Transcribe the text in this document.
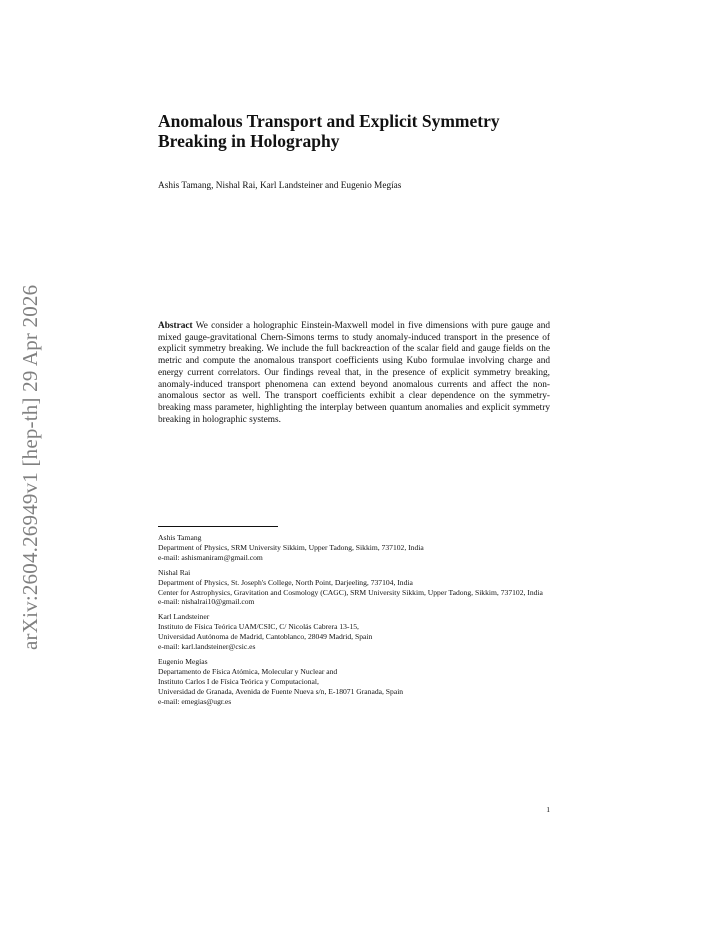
arXiv:2604.26949v1 [hep-th] 29 Apr 2026
Anomalous Transport and Explicit Symmetry Breaking in Holography

Ashis Tamang, Nishal Rai, Karl Landsteiner and Eugenio Megías

Abstract We consider a holographic Einstein-Maxwell model in five dimensions with pure gauge and mixed gauge-gravitational Chern-Simons terms to study anomaly-induced transport in the presence of explicit symmetry breaking. We include the full backreaction of the scalar field and gauge fields on the metric and compute the anomalous transport coefficients using Kubo formulae involving charge and energy current correlators. Our findings reveal that, in the presence of explicit symmetry breaking, anomaly-induced transport phenomena can extend beyond anomalous currents and affect the non-anomalous sector as well. The transport coefficients exhibit a clear dependence on the symmetry-breaking mass parameter, highlighting the interplay between quantum anomalies and explicit symmetry breaking in holographic systems.

Ashis Tamang
Department of Physics, SRM University Sikkim, Upper Tadong, Sikkim, 737102, India
e-mail: ashismaniram@gmail.com
Nishal Rai
Department of Physics, St. Joseph's College, North Point, Darjeeling, 737104, India
Center for Astrophysics, Gravitation and Cosmology (CAGC), SRM University Sikkim, Upper Tadong, Sikkim, 737102, India
e-mail: nishalrai10@gmail.com
Karl Landsteiner
Instituto de Física Teórica UAM/CSIC, C/ Nicolás Cabrera 13-15,
Universidad Autónoma de Madrid, Cantoblanco, 28049 Madrid, Spain
e-mail: karl.landsteiner@csic.es
Eugenio Megías
Departamento de Física Atómica, Molecular y Nuclear and
Instituto Carlos I de Física Teórica y Computacional,
Universidad de Granada, Avenida de Fuente Nueva s/n, E-18071 Granada, Spain
e-mail: emegias@ugr.es
1
